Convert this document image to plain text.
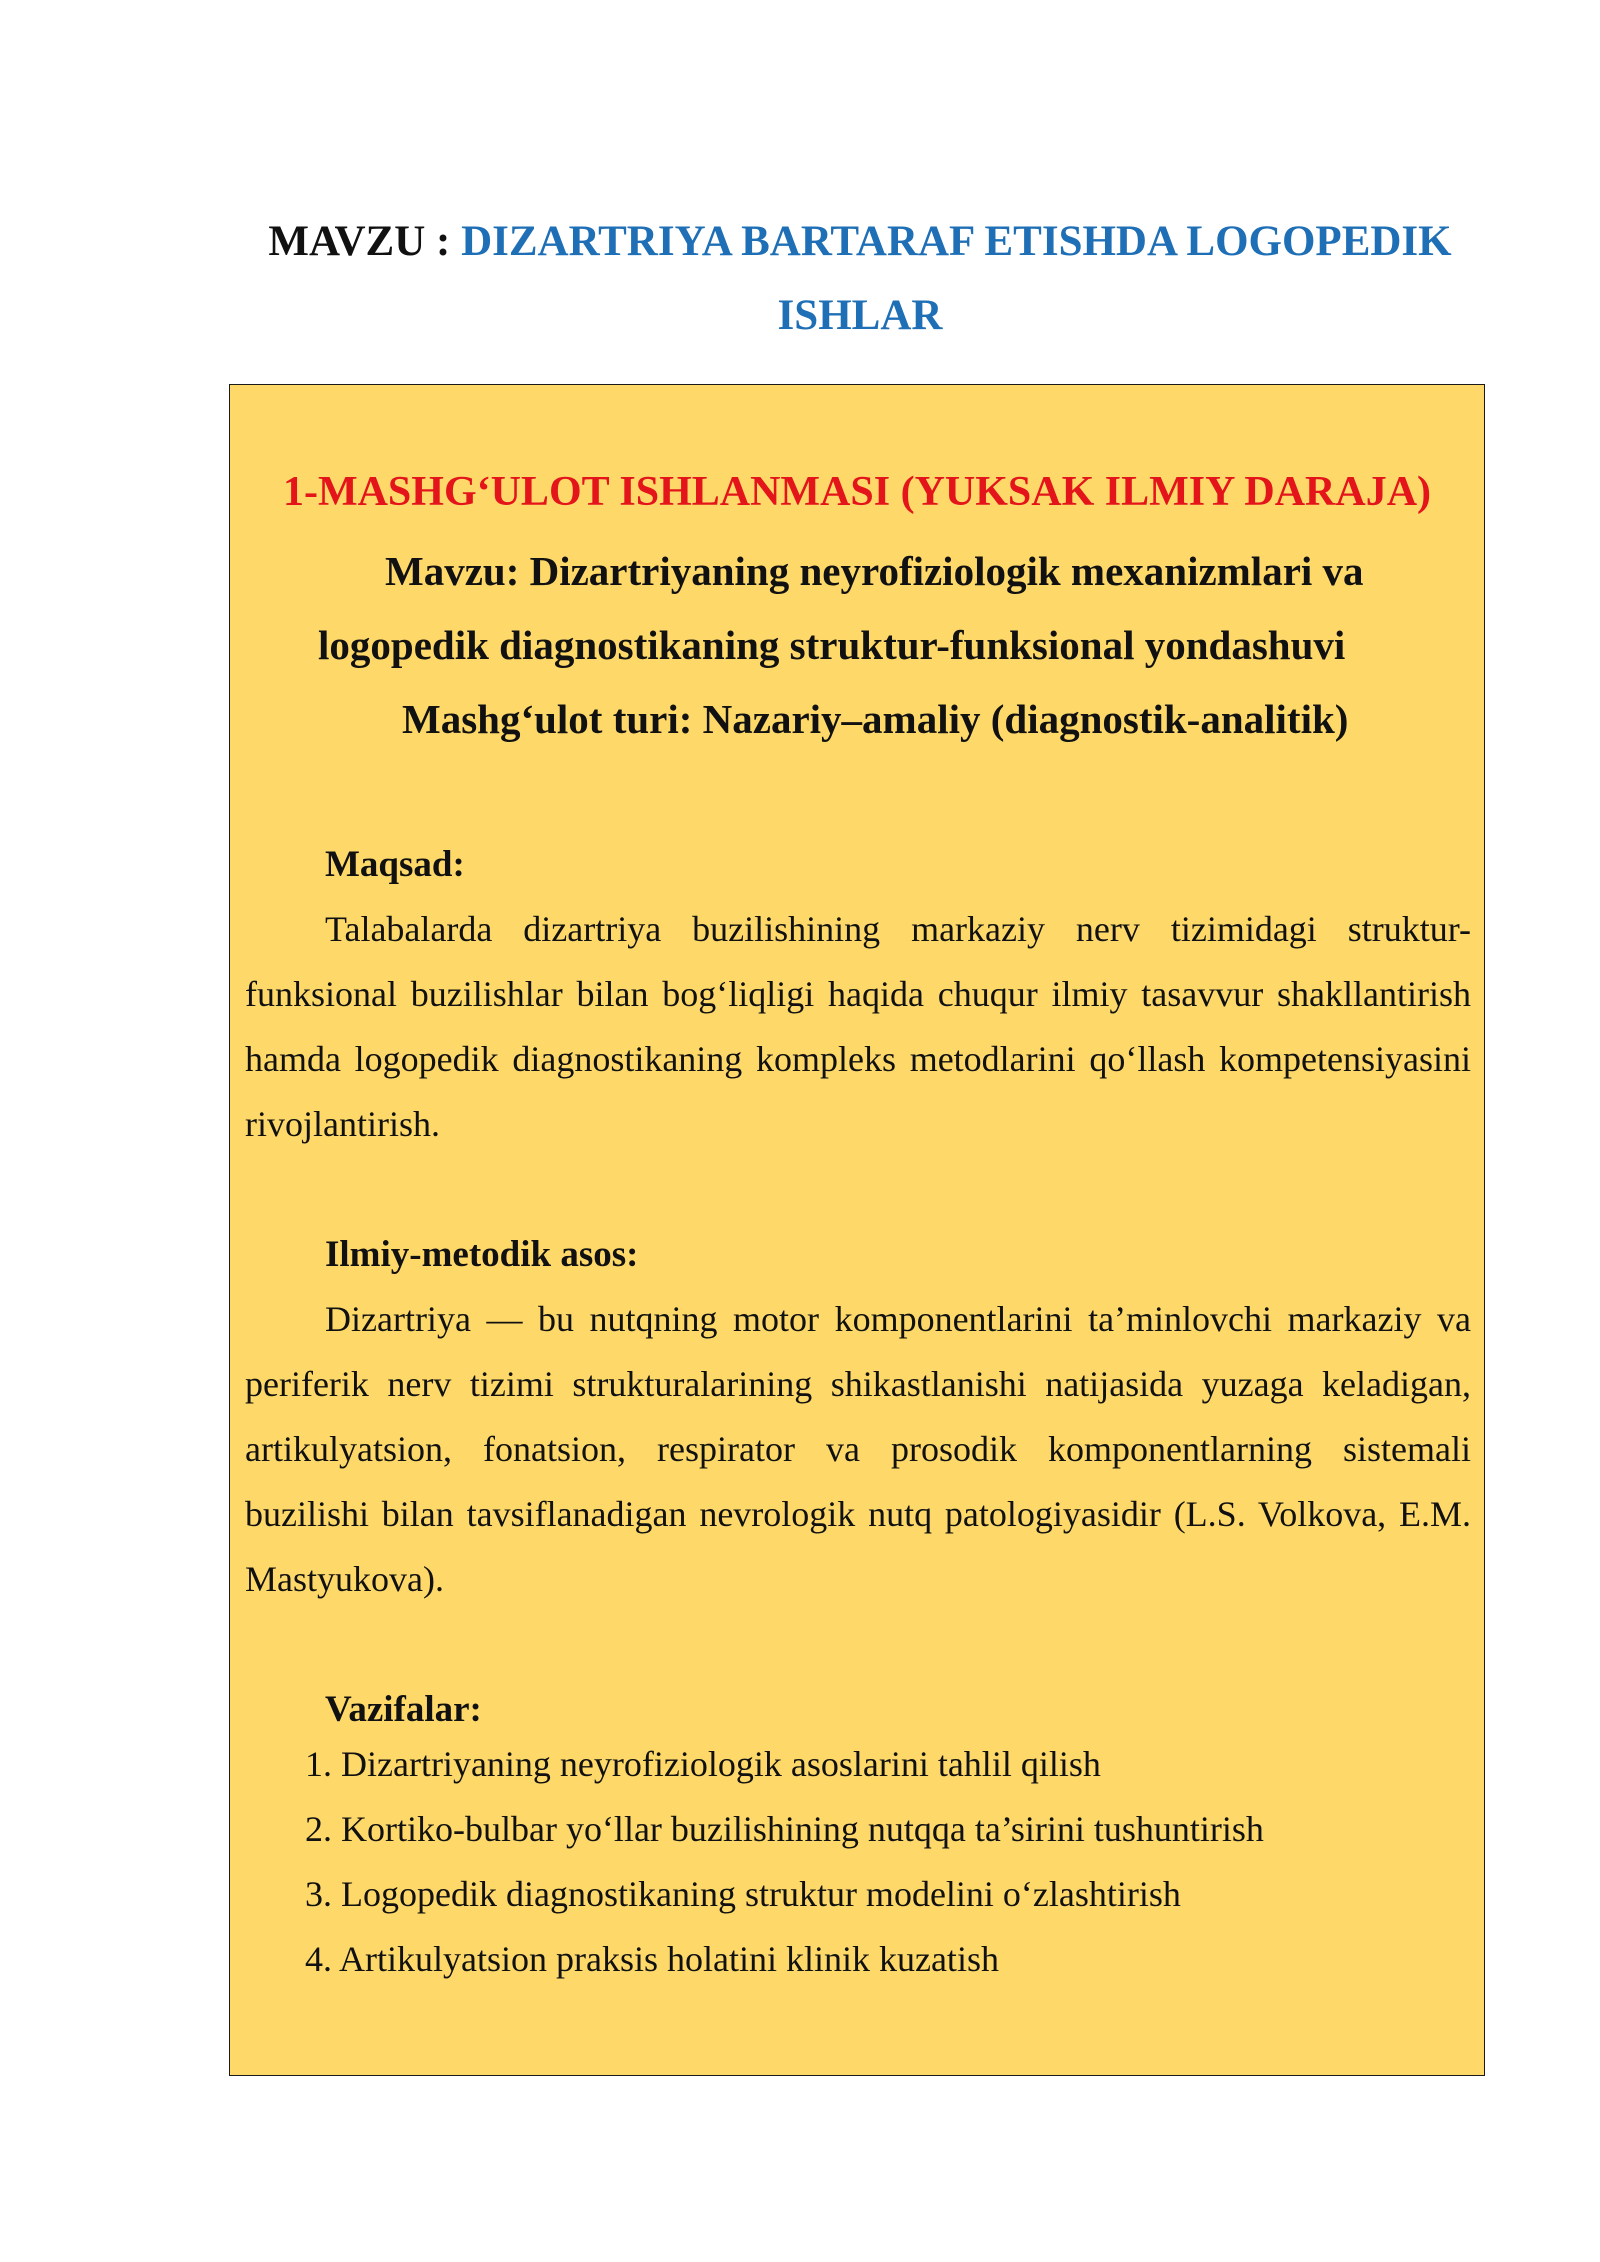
MAVZU : DIZARTRIYA BARTARAF ETISHDA LOGOPEDIK
ISHLAR
1-MASHG‘ULOT ISHLANMASI (YUKSAK ILMIY DARAJA)
Mavzu: Dizartriyaning neyrofiziologik mexanizmlari va
logopedik diagnostikaning struktur-funksional yondashuvi
Mashg‘ulot turi: Nazariy–amaliy (diagnostik-analitik)
Maqsad:
Talabalarda dizartriya buzilishining markaziy nerv tizimidagi struktur-funksional buzilishlar bilan bog‘liqligi haqida chuqur ilmiy tasavvur shakllantirish hamda logopedik diagnostikaning kompleks metodlarini qo‘llash kompetensiyasini rivojlantirish.
Ilmiy-metodik asos:
Dizartriya — bu nutqning motor komponentlarini ta’minlovchi markaziy va periferik nerv tizimi strukturalarining shikastlanishi natijasida yuzaga keladigan, artikulyatsion, fonatsion, respirator va prosodik komponentlarning sistemali buzilishi bilan tavsiflanadigan nevrologik nutq patologiyasidir (L.S. Volkova, E.M. Mastyukova).
Vazifalar:
1. Dizartriyaning neyrofiziologik asoslarini tahlil qilish
2. Kortiko-bulbar yo‘llar buzilishining nutqqa ta’sirini tushuntirish
3. Logopedik diagnostikaning struktur modelini o‘zlashtirish
4. Artikulyatsion praksis holatini klinik kuzatish
